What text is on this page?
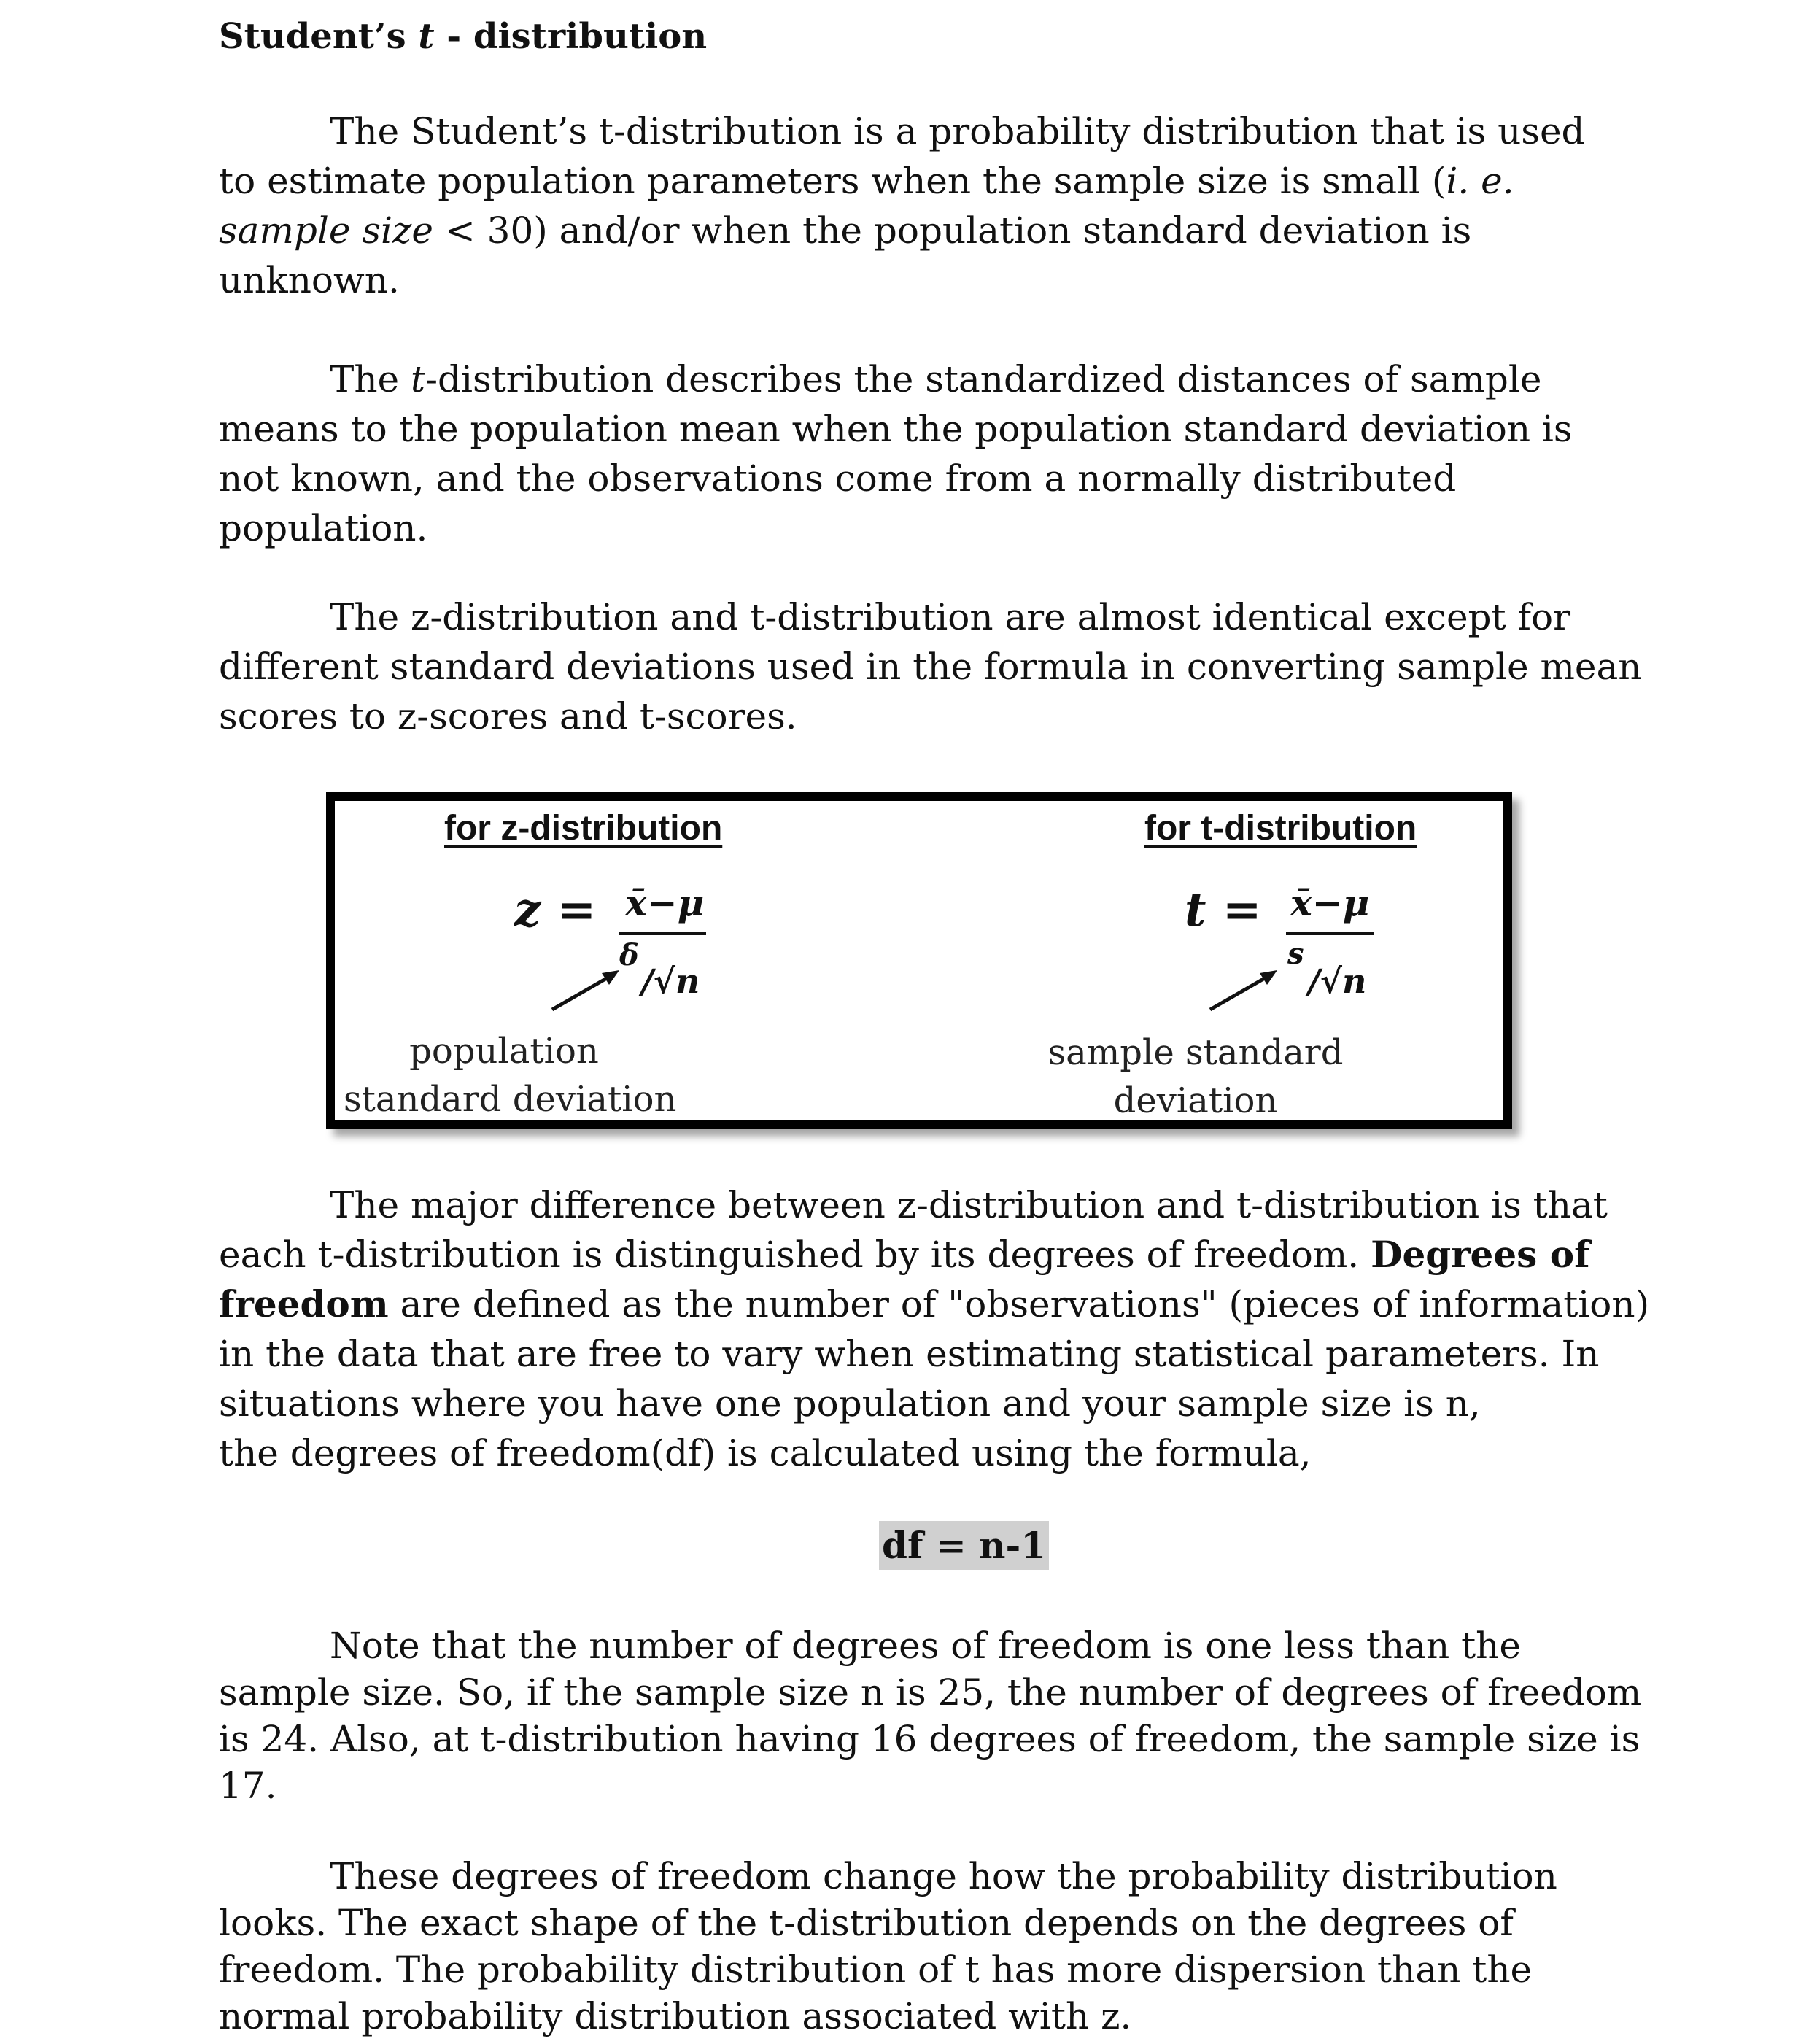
Student’s t - distribution
The Student’s t-distribution is a probability distribution that is used
to estimate population parameters when the sample size is small (i. e.
sample size < 30) and/or when the population standard deviation is
unknown.
The t-distribution describes the standardized distances of sample
means to the population mean when the population standard deviation is
not known, and the observations come from a normally distributed
population.
The z-distribution and t-distribution are almost identical except for
different standard deviations used in the formula in converting sample mean
scores to z-scores and t-scores.
The major difference between z-distribution and t-distribution is that
each t-distribution is distinguished by its degrees of freedom. Degrees of
freedom are defined as the number of "observations" (pieces of information)
in the data that are free to vary when estimating statistical parameters. In
situations where you have one population and your sample size is n,
the degrees of freedom(df) is calculated using the formula,
Note that the number of degrees of freedom is one less than the
sample size. So, if the sample size n is 25, the number of degrees of freedom
is 24. Also, at t-distribution having 16 degrees of freedom, the sample size is
17.
These degrees of freedom change how the probability distribution
looks. The exact shape of the t-distribution depends on the degrees of
freedom. The probability distribution of t has more dispersion than the
normal probability distribution associated with z.
for z-distribution
z = x̄−μ
δ
/√n
population
standard deviation
for t-distribution
t = x̄−μ
s
/√n
sample standard
deviation
df = n-1
